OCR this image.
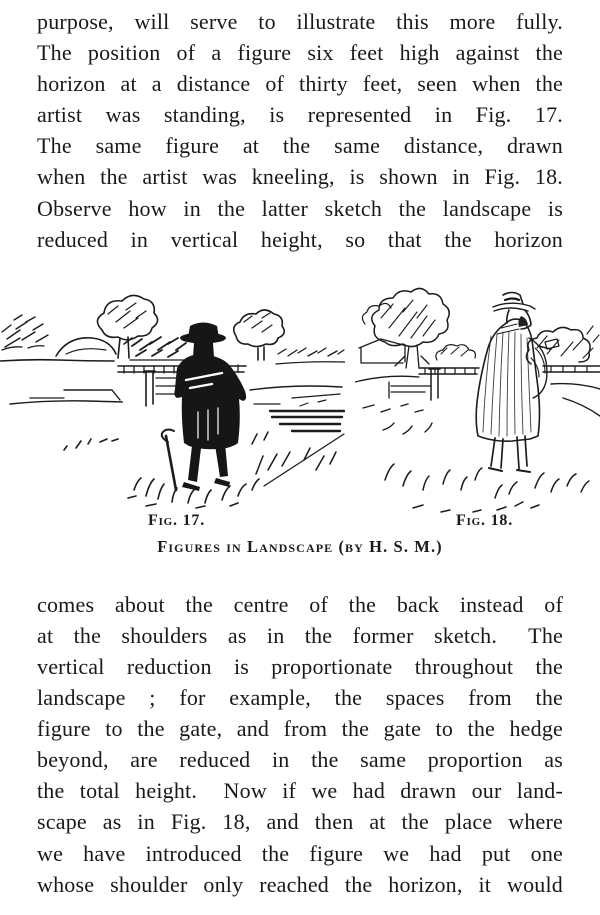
purpose, will serve to illustrate this more fully.
The position of a figure six feet high against the
horizon at a distance of thirty feet, seen when the
artist was standing, is represented in Fig. 17.
The same figure at the same distance, drawn
when the artist was kneeling, is shown in Fig. 18.
Observe how in the latter sketch the landscape is
reduced in vertical height, so that the horizon
Fig. 17.	Fig. 18.
Figures in Landscape (by H. S. M.)
comes about the centre of the back instead of
at the shoulders as in the former sketch.  The
vertical reduction is proportionate throughout the
landscape ; for example, the spaces from the
figure to the gate, and from the gate to the hedge
beyond, are reduced in the same proportion as
the total height.  Now if we had drawn our land-
scape as in Fig. 18, and then at the place where
we have introduced the figure we had put one
whose shoulder only reached the horizon, it would
